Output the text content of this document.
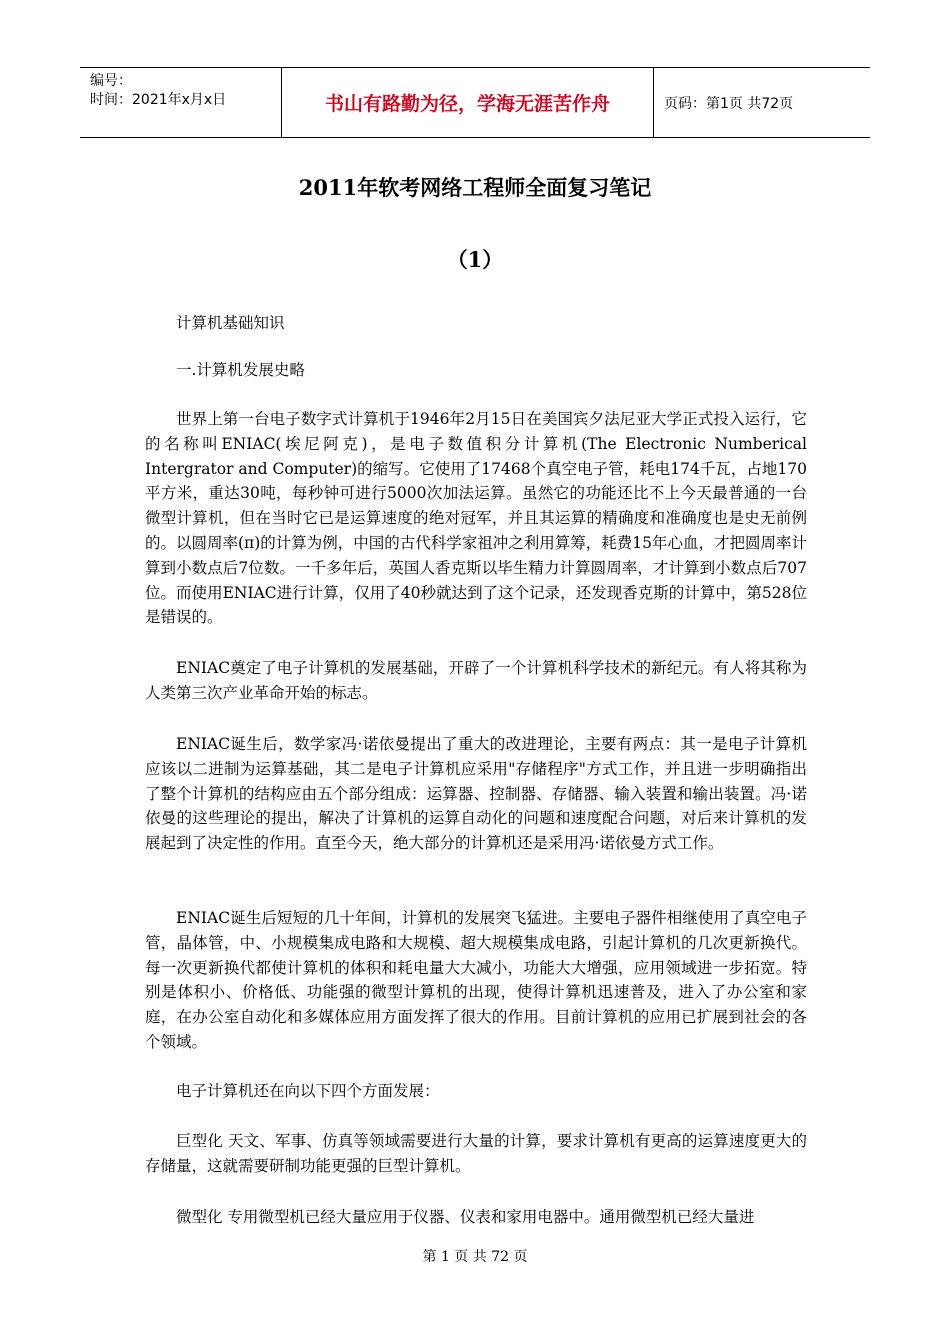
编号：
时间：2021年x月x日	书山有路勤为径，学海无涯苦作舟	页码：第1页 共72页
2011年软考网络工程师全面复习笔记
（1）

计算机基础知识

一.计算机发展史略

世界上第一台电子数字式计算机于1946年2月15日在美国宾夕法尼亚大学正式投入运行，它的名称叫ENIAC(埃尼阿克)，是电子数值积分计算机(The Electronic Numberical Intergrator and Computer)的缩写。它使用了17468个真空电子管，耗电174千瓦，占地170平方米，重达30吨，每秒钟可进行5000次加法运算。虽然它的功能还比不上今天最普通的一台微型计算机，但在当时它已是运算速度的绝对冠军，并且其运算的精确度和准确度也是史无前例的。以圆周率(π)的计算为例，中国的古代科学家祖冲之利用算筹，耗费15年心血，才把圆周率计算到小数点后7位数。一千多年后，英国人香克斯以毕生精力计算圆周率，才计算到小数点后707位。而使用ENIAC进行计算，仅用了40秒就达到了这个记录，还发现香克斯的计算中，第528位是错误的。

ENIAC奠定了电子计算机的发展基础，开辟了一个计算机科学技术的新纪元。有人将其称为人类第三次产业革命开始的标志。

ENIAC诞生后，数学家冯·诺依曼提出了重大的改进理论，主要有两点：其一是电子计算机应该以二进制为运算基础，其二是电子计算机应采用"存储程序"方式工作，并且进一步明确指出了整个计算机的结构应由五个部分组成：运算器、控制器、存储器、输入装置和输出装置。冯·诺依曼的这些理论的提出，解决了计算机的运算自动化的问题和速度配合问题，对后来计算机的发展起到了决定性的作用。直至今天，绝大部分的计算机还是采用冯·诺依曼方式工作。

ENIAC诞生后短短的几十年间，计算机的发展突飞猛进。主要电子器件相继使用了真空电子管，晶体管，中、小规模集成电路和大规模、超大规模集成电路，引起计算机的几次更新换代。每一次更新换代都使计算机的体积和耗电量大大减小，功能大大增强，应用领域进一步拓宽。特别是体积小、价格低、功能强的微型计算机的出现，使得计算机迅速普及，进入了办公室和家庭，在办公室自动化和多媒体应用方面发挥了很大的作用。目前计算机的应用已扩展到社会的各个领域。

电子计算机还在向以下四个方面发展：

巨型化 天文、军事、仿真等领域需要进行大量的计算，要求计算机有更高的运算速度更大的存储量，这就需要研制功能更强的巨型计算机。

微型化 专用微型机已经大量应用于仪器、仪表和家用电器中。通用微型机已经大量进

第 1 页 共 72 页
